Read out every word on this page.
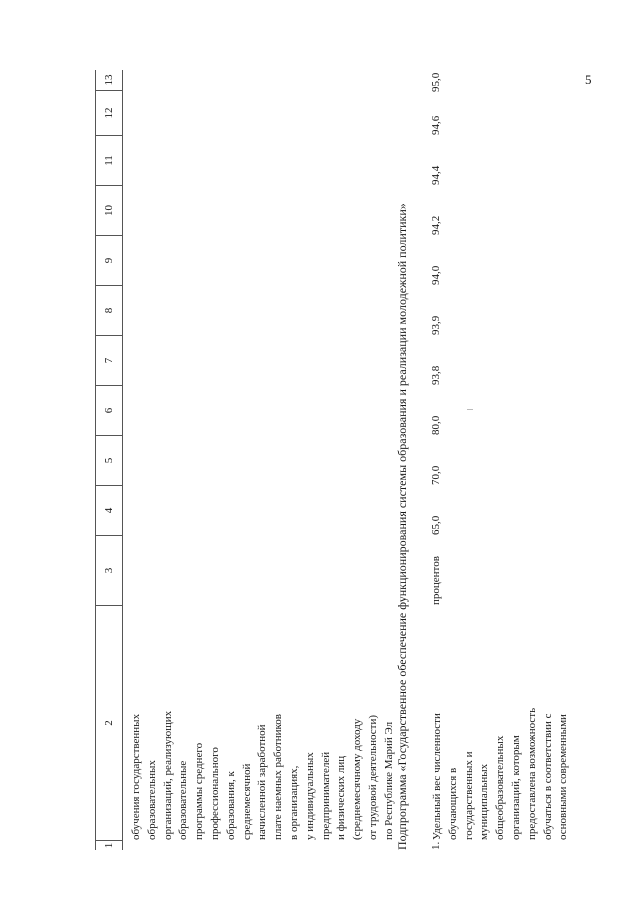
5
1
2
3
4
5
6
7
8
9
10
11
12
13

обучения государственных образовательных организаций, реализующих образовательные программы среднего профессионального образования, к среднемесячной начисленной заработной плате наемных работников в организациях, у индивидуальных предпринимателей и физических лиц (среднемесячному доходу от трудовой деятельности) по Республике Марий Эл Подпрограмма «Государственное обеспечение функционирования системы образования и реализации молодежной политики» 1.

Удельный вес численности обучающихся в государственных и муниципальных общеобразовательных организаций, которым предоставлена возможность обучаться в соответствии с основными современными

процентов
65,0
70,0
80,0
93,8
93,9
94,0
94,2
94,4
94,6
95,0
